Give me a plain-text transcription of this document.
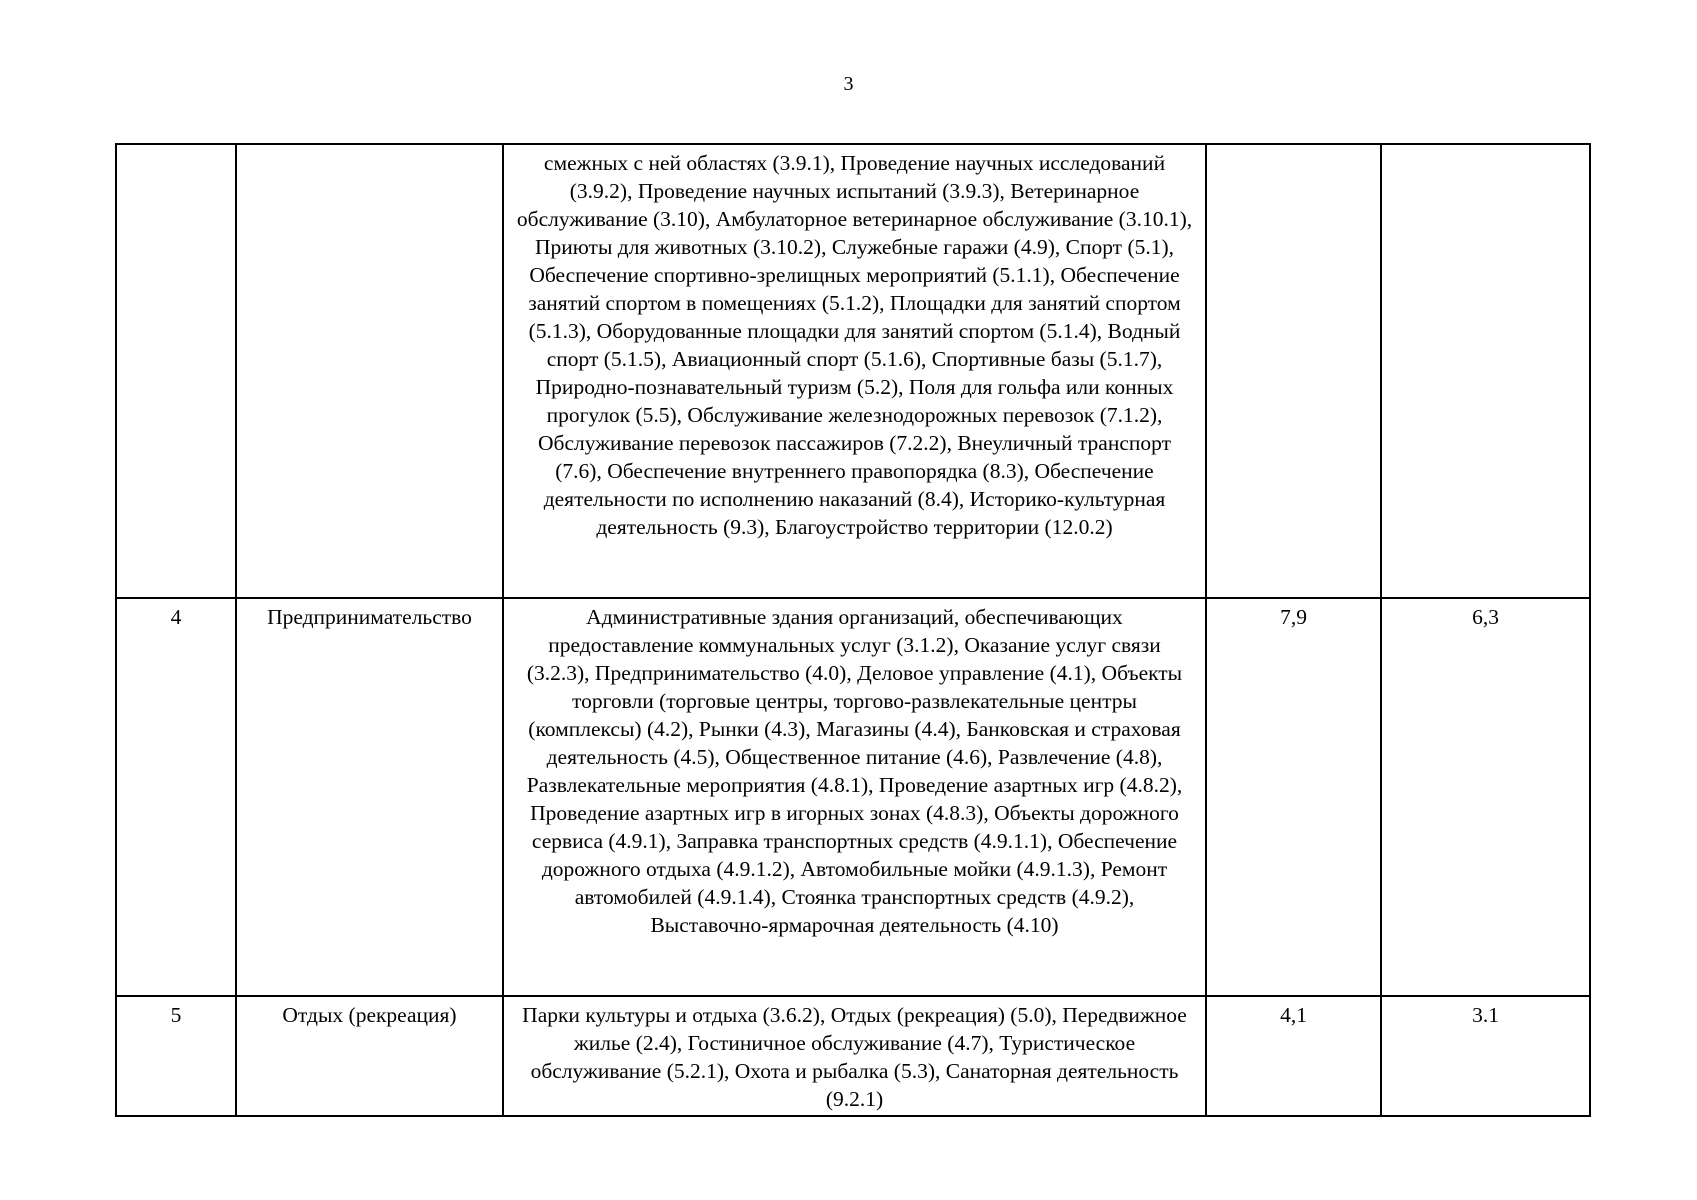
3
		смежных с ней областях (3.9.1), Проведение научных исследований (3.9.2), Проведение научных испытаний (3.9.3), Ветеринарное обслуживание (3.10), Амбулаторное ветеринарное обслуживание (3.10.1), Приюты для животных (3.10.2), Служебные гаражи (4.9), Спорт (5.1), Обеспечение спортивно-зрелищных мероприятий (5.1.1), Обеспечение занятий спортом в помещениях (5.1.2), Площадки для занятий спортом (5.1.3), Оборудованные площадки для занятий спортом (5.1.4), Водный спорт (5.1.5), Авиационный спорт (5.1.6), Спортивные базы (5.1.7), Природно-познавательный туризм (5.2), Поля для гольфа или конных прогулок (5.5), Обслуживание железнодорожных перевозок (7.1.2), Обслуживание перевозок пассажиров (7.2.2), Внеуличный транспорт (7.6), Обеспечение внутреннего правопорядка (8.3), Обеспечение деятельности по исполнению наказаний (8.4), Историко-культурная деятельность (9.3), Благоустройство территории (12.0.2)		
4	Предпринимательство	Административные здания организаций, обеспечивающих предоставление коммунальных услуг (3.1.2), Оказание услуг связи (3.2.3), Предпринимательство (4.0), Деловое управление (4.1), Объекты торговли (торговые центры, торгово-развлекательные центры (комплексы) (4.2), Рынки (4.3), Магазины (4.4), Банковская и страховая деятельность (4.5), Общественное питание (4.6), Развлечение (4.8), Развлекательные мероприятия (4.8.1), Проведение азартных игр (4.8.2), Проведение азартных игр в игорных зонах (4.8.3), Объекты дорожного сервиса (4.9.1), Заправка транспортных средств (4.9.1.1), Обеспечение дорожного отдыха (4.9.1.2), Автомобильные мойки (4.9.1.3), Ремонт автомобилей (4.9.1.4), Стоянка транспортных средств (4.9.2), Выставочно-ярмарочная деятельность (4.10)	7,9	6,3
5	Отдых (рекреация)	Парки культуры и отдыха (3.6.2), Отдых (рекреация) (5.0), Передвижное жилье (2.4), Гостиничное обслуживание (4.7), Туристическое обслуживание (5.2.1), Охота и рыбалка (5.3), Санаторная деятельность (9.2.1)	4,1	3.1
